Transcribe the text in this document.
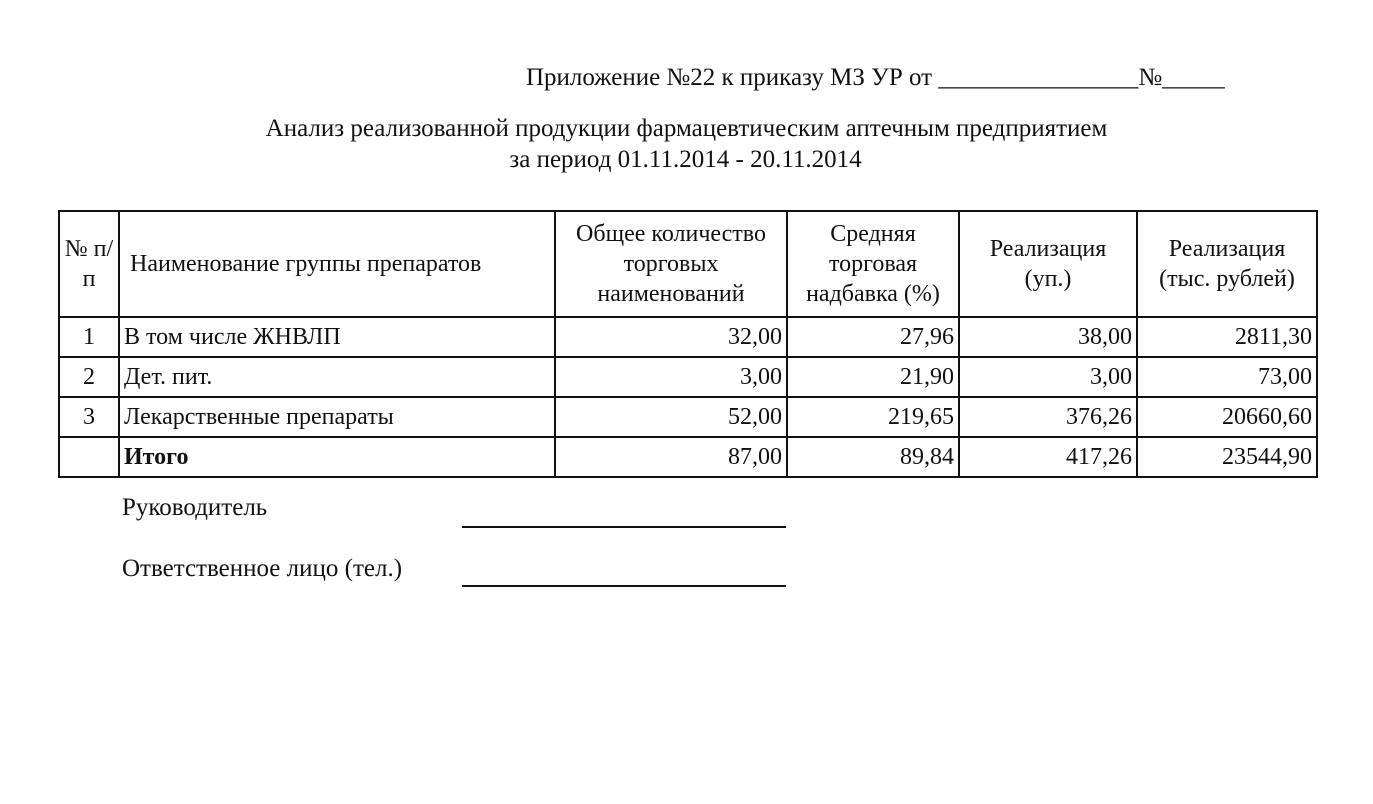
Приложение №22 к приказу МЗ УР от ________________№_____
Анализ реализованной продукции фармацевтическим аптечным предприятием
за период 01.11.2014 - 20.11.2014
№ п/п	Наименование группы препаратов	Общее количество торговых наименований	Средняя торговая надбавка (%)	Реализация (уп.)	Реализация (тыс. рублей)
1	В том числе ЖНВЛП	32,00	27,96	38,00	2811,30
2	Дет. пит.	3,00	21,90	3,00	73,00
3	Лекарственные препараты	52,00	219,65	376,26	20660,60
	Итого	87,00	89,84	417,26	23544,90
Руководитель
Ответственное лицо (тел.)
